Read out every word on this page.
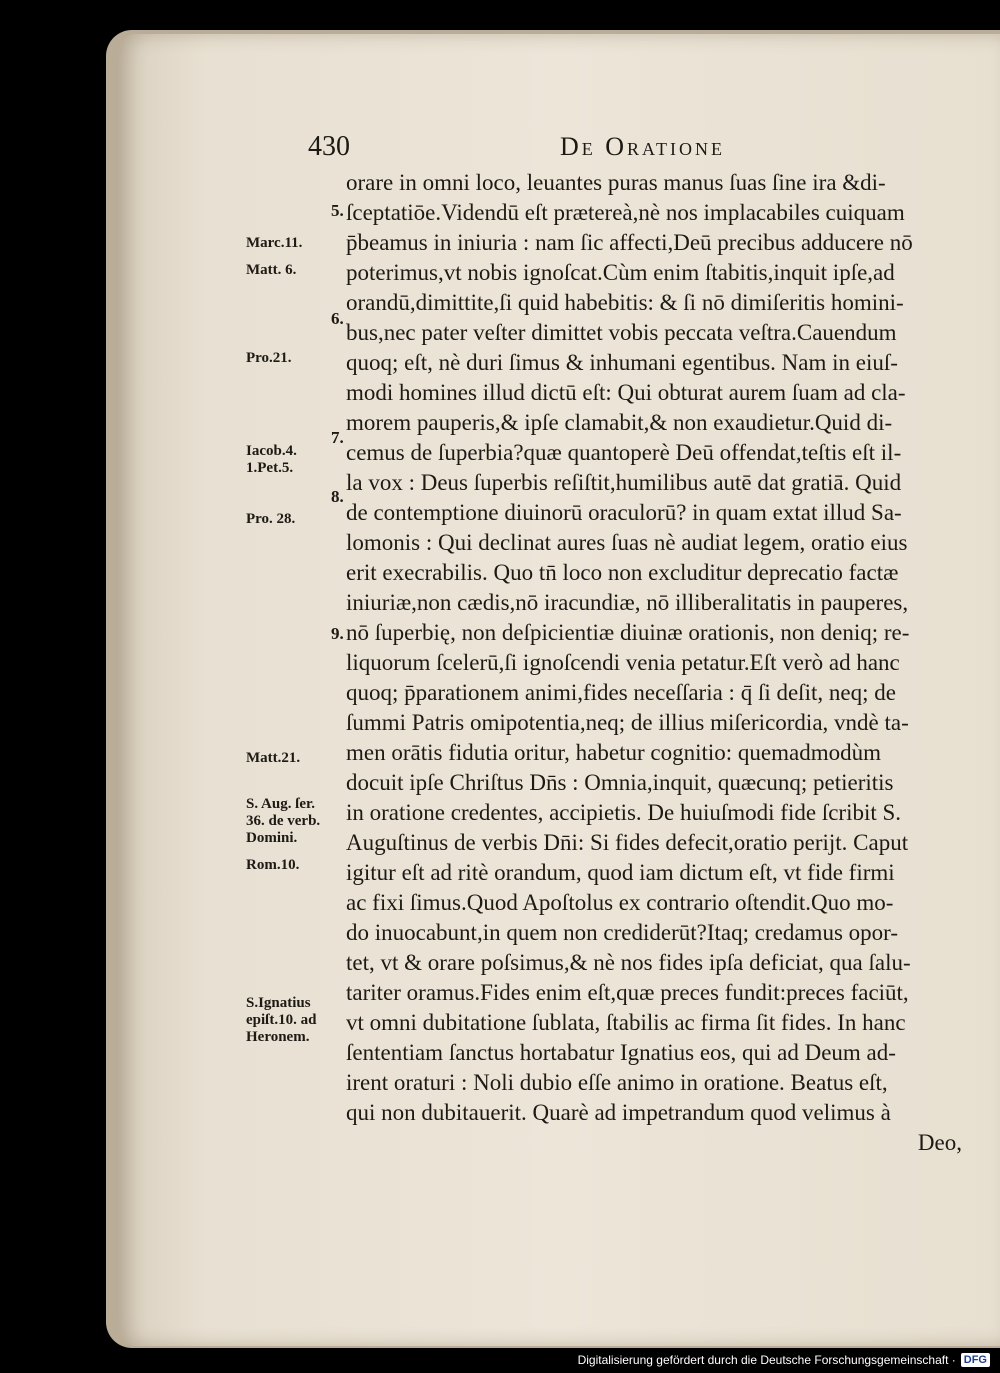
430	De Oratione
orare in omni loco, leuantes puras manus ſuas ſine ira &di-
ſceptatiōe.Videndū eſt prætereà,nè nos implacabiles cuiquam
p̄beamus in iniuria : nam ſic affecti,Deū precibus adducere nō
poterimus,vt nobis ignoſcat.Cùm enim ſtabitis,inquit ipſe,ad
orandū,dimittite,ſi quid habebitis: & ſi nō dimiſeritis homini-
bus,nec pater veſter dimittet vobis peccata veſtra.Cauendum
quoq; eſt, nè duri ſimus & inhumani egentibus. Nam in eiuſ-
modi homines illud dictū eſt: Qui obturat aurem ſuam ad cla-
morem pauperis,& ipſe clamabit,& non exaudietur.Quid di-
cemus de ſuperbia?quæ quantoperè Deū offendat,teſtis eſt il-
la vox : Deus ſuperbis reſiſtit,humilibus autē dat gratiā. Quid
de contemptione diuinorū oraculorū? in quam extat illud Sa-
lomonis : Qui declinat aures ſuas nè audiat legem, oratio eius
erit execrabilis. Quo tn̄ loco non excluditur deprecatio factæ
iniuriæ,non cædis,nō iracundiæ, nō illiberalitatis in pauperes,
nō ſuperbię, non deſpicientiæ diuinæ orationis, non deniq; re-
liquorum ſcelerū,ſi ignoſcendi venia petatur.Eſt verò ad hanc
quoq; p̄parationem animi,fides neceſſaria : q̄ ſi deſit, neq; de
ſummi Patris omipotentia,neq; de illius miſericordia, vndè ta-
men orātis fidutia oritur, habetur cognitio: quemadmodùm
docuit ipſe Chriſtus Dn̄s : Omnia,inquit, quæcunq; petieritis
in oratione credentes, accipietis. De huiuſmodi fide ſcribit S.
Auguſtinus de verbis Dn̄i: Si fides defecit,oratio perijt. Caput
igitur eſt ad ritè orandum, quod iam dictum eſt, vt fide firmi
ac fixi ſimus.Quod Apoſtolus ex contrario oſtendit.Quo mo-
do inuocabunt,in quem non crediderūt?Itaq; credamus opor-
tet, vt & orare poſsimus,& nè nos fides ipſa deficiat, qua ſalu-
tariter oramus.Fides enim eſt,quæ preces fundit:preces faciūt,
vt omni dubitatione ſublata, ſtabilis ac firma ſit fides. In hanc
ſententiam ſanctus hortabatur Ignatius eos, qui ad Deum ad-
irent oraturi : Noli dubio eſſe animo in oratione. Beatus eſt,
qui non dubitauerit. Quarè ad impetrandum quod velimus à
Deo,
5.
6.
7.
8.
9.
Marc.11.
Matt. 6.
Pro.21.
Iacob.4.
1.Pet.5.
Pro. 28.
Matt.21.
S. Aug. ſer.
36. de verb.
Domini.
Rom.10.
S.Ignatius
epiſt.10. ad
Heronem.
Digitalisierung gefördert durch die Deutsche Forschungsgemeinschaft · DFG
